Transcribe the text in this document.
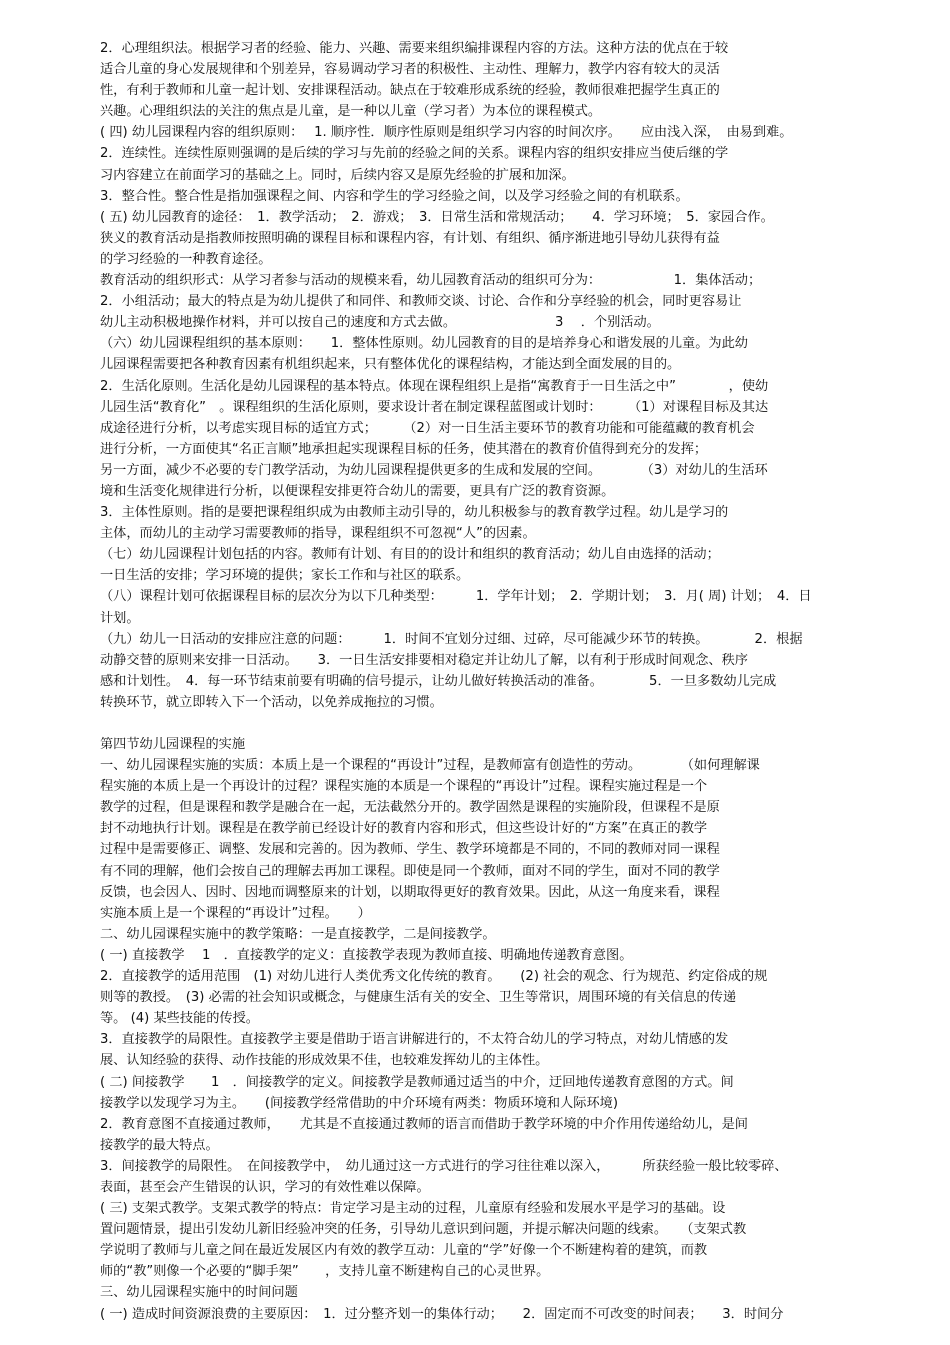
2．心理组织法。根据学习者的经验、能力、兴趣、需要来组织编排课程内容的方法。这种方法的优点在于较
适合儿童的身心发展规律和个别差异，容易调动学习者的积极性、主动性、理解力，教学内容有较大的灵活
性，有利于教师和儿童一起计划、安排课程活动。缺点在于较难形成系统的经验，教师很难把握学生真正的
兴趣。心理组织法的关注的焦点是儿童，是一种以儿童（学习者）为本位的课程模式。
( 四) 幼儿园课程内容的组织原则：　 1. 顺序性．顺序性原则是组织学习内容的时间次序。　　应由浅入深，　由易到难。
2．连续性。连续性原则强调的是后续的学习与先前的经验之间的关系。课程内容的组织安排应当使后继的学
习内容建立在前面学习的基础之上。同时，后续内容又是原先经验的扩展和加深。
3．整合性。整合性是指加强课程之间、内容和学生的学习经验之间，以及学习经验之间的有机联系。
( 五) 幼儿园教育的途径：　1．教学活动；　2．游戏；　3．日常生活和常规活动；　　4．学习环境；　5．家园合作。
狭义的教育活动是指教师按照明确的课程目标和课程内容，有计划、有组织、循序渐进地引导幼儿获得有益
的学习经验的一种教育途径。
教育活动的组织形式：从学习者参与活动的规模来看，幼儿园教育活动的组织可分为：　　　　　　1．集体活动；
2．小组活动；最大的特点是为幼儿提供了和同伴、和教师交谈、讨论、合作和分享经验的机会，同时更容易让
幼儿主动积极地操作材料，并可以按自己的速度和方式去做。　　　　　　　　3　 ．个别活动。
（六）幼儿园课程组织的基本原则：　　1．整体性原则。幼儿园教育的目的是培养身心和谐发展的儿童。为此幼
儿园课程需要把各种教育因素有机组织起来，只有整体优化的课程结构，才能达到全面发展的目的。
2．生活化原则。生活化是幼儿园课程的基本特点。体现在课程组织上是指“寓教育于一日生活之中”　　　　，使幼
儿园生活“教育化”　。课程组织的生活化原则，要求设计者在制定课程蓝图或计划时：　　　（1）对课程目标及其达
成途径进行分析，以考虑实现目标的适宜方式；　　　（2）对一日生活主要环节的教育功能和可能蕴藏的教育机会
进行分析，一方面使其“名正言顺”地承担起实现课程目标的任务，使其潜在的教育价值得到充分的发挥；
另一方面，减少不必要的专门教学活动，为幼儿园课程提供更多的生成和发展的空间。　　　　（3）对幼儿的生活环
境和生活变化规律进行分析，以便课程安排更符合幼儿的需要，更具有广泛的教育资源。
3．主体性原则。指的是要把课程组织成为由教师主动引导的，幼儿积极参与的教育教学过程。幼儿是学习的
主体，而幼儿的主动学习需要教师的指导，课程组织不可忽视“人”的因素。
（七）幼儿园课程计划包括的内容。教师有计划、有目的的设计和组织的教育活动；幼儿自由选择的活动；
一日生活的安排；学习环境的提供；家长工作和与社区的联系。
（八）课程计划可依据课程目标的层次分为以下几种类型：　　　1．学年计划；　2．学期计划；　3．月( 周) 计划；　4．日
计划。
（九）幼儿一日活动的安排应注意的问题：　　　1．时间不宜划分过细、过碎，尽可能减少环节的转换。　　　　2．根据
动静交替的原则来安排一日活动。　　3．一日生活安排要相对稳定并让幼儿了解，以有利于形成时间观念、秩序
感和计划性。　4．每一环节结束前要有明确的信号提示，让幼儿做好转换活动的准备。　　　　5．一旦多数幼儿完成
转换环节，就立即转入下一个活动，以免养成拖拉的习惯。
第四节幼儿园课程的实施
一、幼儿园课程实施的实质：本质上是一个课程的“再设计”过程，是教师富有创造性的劳动。　　　　（如何理解课
程实施的本质上是一个再设计的过程？课程实施的本质是一个课程的“再设计”过程。课程实施过程是一个
教学的过程，但是课程和教学是融合在一起，无法截然分开的。教学固然是课程的实施阶段，但课程不是原
封不动地执行计划。课程是在教学前已经设计好的教育内容和形式，但这些设计好的“方案”在真正的教学
过程中是需要修正、调整、发展和完善的。因为教师、学生、教学环境都是不同的，不同的教师对同一课程
有不同的理解，他们会按自己的理解去再加工课程。即使是同一个教师，面对不同的学生，面对不同的教学
反馈，也会因人、因时、因地而调整原来的计划，以期取得更好的教育效果。因此，从这一角度来看，课程
实施本质上是一个课程的“再设计”过程。　　）
二、幼儿园课程实施中的教学策略：一是直接教学，二是间接教学。
( 一) 直接教学　 1　．直接教学的定义：直接教学表现为教师直接、明确地传递教育意图。
2．直接教学的适用范围　(1) 对幼儿进行人类优秀文化传统的教育。　　(2) 社会的观念、行为规范、约定俗成的规
则等的教授。　(3) 必需的社会知识或概念，与健康生活有关的安全、卫生等常识，周围环境的有关信息的传递
等。 (4) 某些技能的传授。
3．直接教学的局限性。直接教学主要是借助于语言讲解进行的，不太符合幼儿的学习特点，对幼儿情感的发
展、认知经验的获得、动作技能的形成效果不佳，也较难发挥幼儿的主体性。
( 二) 间接教学　　1　．间接教学的定义。间接教学是教师通过适当的中介，迂回地传递教育意图的方式。间
接教学以发现学习为主。　　(间接教学经常借助的中介环境有两类：物质环境和人际环境)
2．教育意图不直接通过教师，　　尤其是不直接通过教师的语言而借助于教学环境的中介作用传递给幼儿，是间
接教学的最大特点。
3．间接教学的局限性。　在间接教学中，　幼儿通过这一方式进行的学习往往难以深入，　　　所获经验一般比较零碎、
表面，甚至会产生错误的认识，学习的有效性难以保障。
( 三) 支架式教学。支架式教学的特点：肯定学习是主动的过程，儿童原有经验和发展水平是学习的基础。设
置问题情景，提出引发幼儿新旧经验冲突的任务，引导幼儿意识到问题，并提示解决问题的线索。　　（支架式教
学说明了教师与儿童之间在最近发展区内有效的教学互动：儿童的“学”好像一个不断建构着的建筑，而教
师的“教”则像一个必要的“脚手架”　　，支持儿童不断建构自己的心灵世界。
三、幼儿园课程实施中的时间问题
( 一) 造成时间资源浪费的主要原因：　1．过分整齐划一的集体行动；　　2．固定而不可改变的时间表；　　3．时间分
